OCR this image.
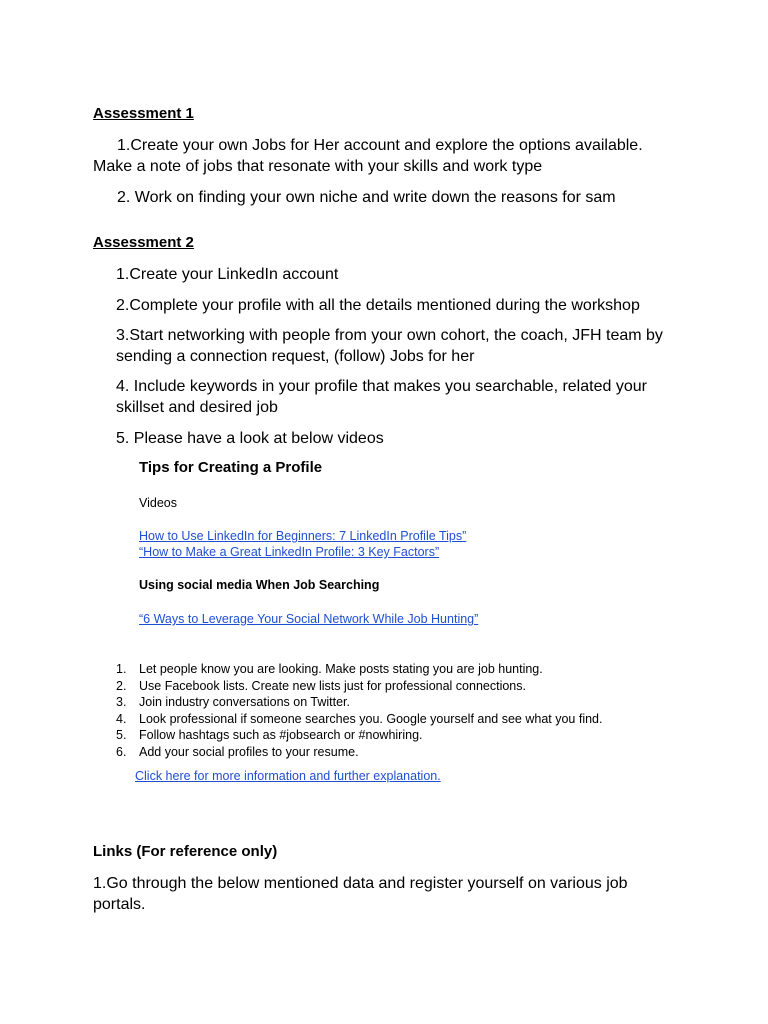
Assessment 1
1.Create your own Jobs for Her account and explore the options available.
Make a note of jobs that resonate with your skills and work type
2. Work on finding your own niche and write down the reasons for sam
Assessment 2
1.Create your LinkedIn account
2.Complete your profile with all the details mentioned during the workshop
3.Start networking with people from your own cohort, the coach, JFH team by sending a connection request, (follow) Jobs for her
4. Include keywords in your profile that makes you searchable, related your skillset and desired job
5. Please have a look at below videos
Tips for Creating a Profile
Videos
How to Use LinkedIn for Beginners: 7 LinkedIn Profile Tips”
“How to Make a Great LinkedIn Profile: 3 Key Factors”
Using social media When Job Searching
“6 Ways to Leverage Your Social Network While Job Hunting”
1. Let people know you are looking. Make posts stating you are job hunting.
2. Use Facebook lists. Create new lists just for professional connections.
3. Join industry conversations on Twitter.
4. Look professional if someone searches you. Google yourself and see what you find.
5. Follow hashtags such as #jobsearch or #nowhiring.
6. Add your social profiles to your resume.
Click here for more information and further explanation.
Links (For reference only)
1.Go through the below mentioned data and register yourself on various job portals.
